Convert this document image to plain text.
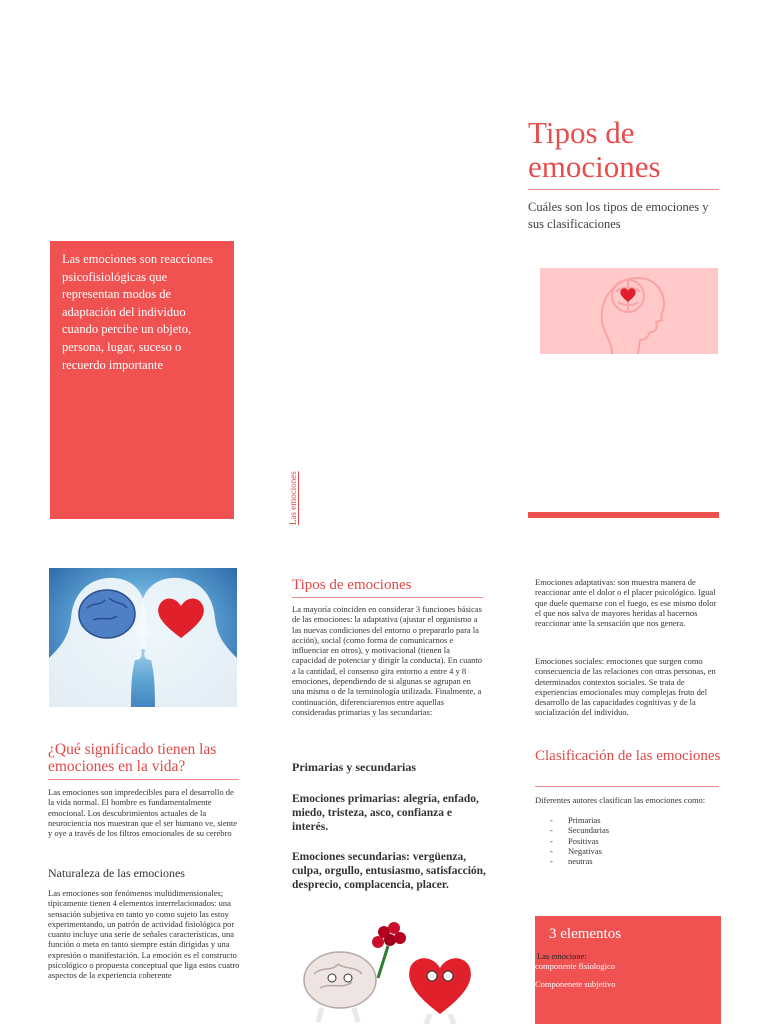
Las emociones son reacciones psicofisiológicas que representan modos de adaptación del individuo cuando percibe un objeto, persona, lugar, suceso o recuerdo importante
Las emociones
Tipos de emociones
Cuáles son los tipos de emociones y sus clasificaciones
¿Qué significado tienen las emociones en la vida?
Las emociones son impredecibles para el desarrollo de la vida normal. El hombre es fundamentalmente emocional. Los descubrimientos actuales de la neurociencia nos muestran que el ser humano ve, siente y oye a través de los filtros emocionales de su cerebro
Naturaleza de las emociones
Las emociones son fenómenos multidimensionales; típicamente tienen 4 elementos interrelacionados: una sensación subjetiva en tanto yo como sujeto las estoy experimentando, un patrón de actividad fisiológica por cuanto incluye una serie de señales características, una función o meta en tanto siempre están dirigidas y una expresión o manifestación. La emoción es el constructo psicológico o propuesta conceptual que liga estos cuatro aspectos de la experiencia coherente
Tipos de emociones
La mayoría coinciden en considerar 3 funciones básicas de las emociones: la adaptativa (ajustar el organismo a las nuevas condiciones del entorno o prepararlo para la acción), social (como forma de comunicarnos e influenciar en otros), y motivacional (tienen la capacidad de potenciar y dirigir la conducta). En cuanto a la cantidad, el consenso gira entorno a entre 4 y 8 emociones, dependiendo de si algunas se agrupan en una misma o de la terminología utilizada. Finalmente, a continuación, diferenciaremos entre aquellas consideradas primarias y las secundarias:
Primarias y secundarias
Emociones primarias: alegría, enfado, miedo, tristeza, asco, confianza e interés.
Emociones secundarias: vergüenza, culpa, orgullo, entusiasmo, satisfacción, desprecio, complacencia, placer.
Emociones adaptativas: son muestra manera de reaccionar ante el dolor o el placer psicológico. Igual que duele quemarse con el fuego, es ese mismo dolor el que nos salva de mayores heridas al hacernos reaccionar ante la sensación que nos genera.
Emociones sociales: emociones que surgen como consecuencia de las relaciones con otras personas, en determinados contextos sociales. Se trata de experiencias emocionales muy complejas fruto del desarrollo de las capacidades cognitivas y de la socialización del individuo.
Clasificación de las emociones
Diferentes autores clasifican las emociones como:
- Primarias
- Secundarias
- Positivas
- Negativas
- neutras
3 elementos
Las emocione:
componente fisiologico
Componenete subjetivo
